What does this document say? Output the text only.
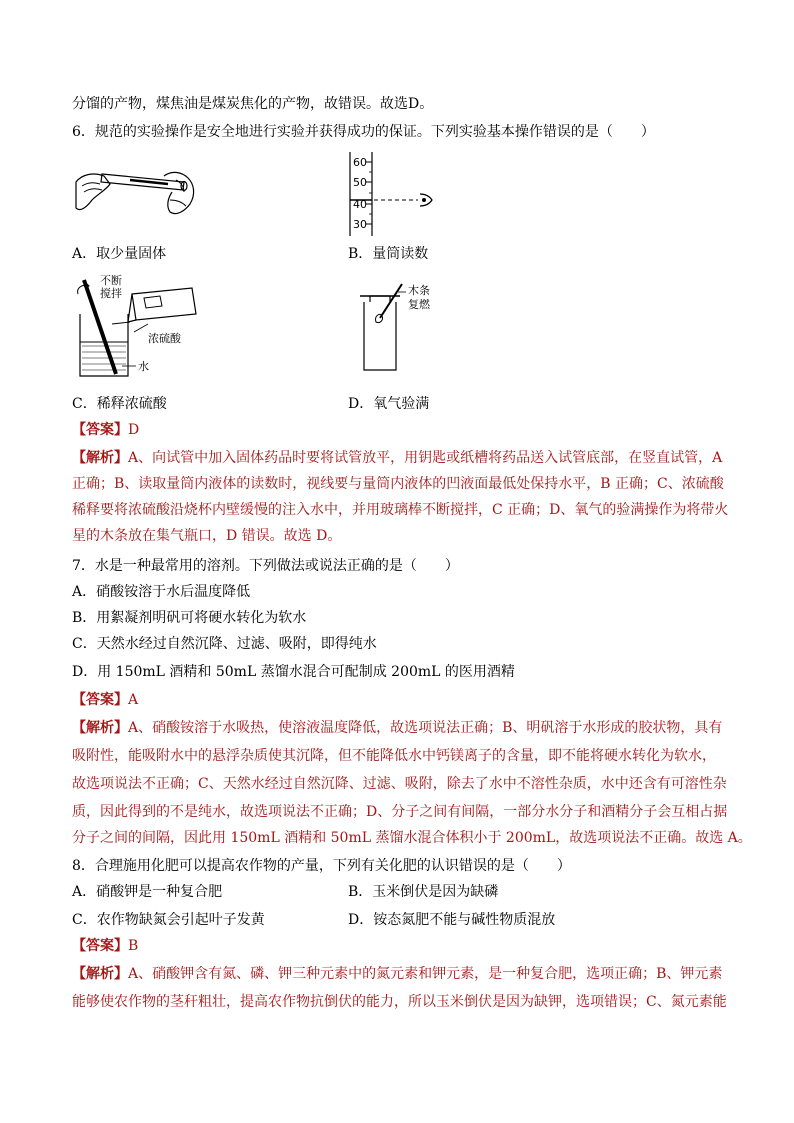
分馏的产物，煤焦油是煤炭焦化的产物，故错误。故选D。
6．规范的实验操作是安全地进行实验并获得成功的保证。下列实验基本操作错误的是（　　）
A．取少量固体
60
50
40
30
B．量筒读数
不断
搅拌
浓硫酸
水
C．稀释浓硫酸
木条
复燃
D．氧气验满
【答案】D
【解析】A、向试管中加入固体药品时要将试管放平，用钥匙或纸槽将药品送入试管底部，在竖直试管，A
正确；B、读取量筒内液体的读数时，视线要与量筒内液体的凹液面最低处保持水平，B 正确；C、浓硫酸
稀释要将浓硫酸沿烧杯内壁缓慢的注入水中，并用玻璃棒不断搅拌，C 正确；D、氧气的验满操作为将带火
星的木条放在集气瓶口，D 错误。故选 D。
7．水是一种最常用的溶剂。下列做法或说法正确的是（　　）
A．硝酸铵溶于水后温度降低
B．用絮凝剂明矾可将硬水转化为软水
C．天然水经过自然沉降、过滤、吸附，即得纯水
D．用 150mL 酒精和 50mL 蒸馏水混合可配制成 200mL 的医用酒精
【答案】A
【解析】A、硝酸铵溶于水吸热，使溶液温度降低，故选项说法正确；B、明矾溶于水形成的胶状物，具有
吸附性，能吸附水中的悬浮杂质使其沉降，但不能降低水中钙镁离子的含量，即不能将硬水转化为软水，
故选项说法不正确；C、天然水经过自然沉降、过滤、吸附，除去了水中不溶性杂质，水中还含有可溶性杂
质，因此得到的不是纯水，故选项说法不正确；D、分子之间有间隔，一部分水分子和酒精分子会互相占据
分子之间的间隔，因此用 150mL 酒精和 50mL 蒸馏水混合体积小于 200mL，故选项说法不正确。故选 A。
8．合理施用化肥可以提高农作物的产量，下列有关化肥的认识错误的是（　　）
A．硝酸钾是一种复合肥	B．玉米倒伏是因为缺磷
C．农作物缺氮会引起叶子发黄	D．铵态氮肥不能与碱性物质混放
【答案】B
【解析】A、硝酸钾含有氮、磷、钾三种元素中的氮元素和钾元素，是一种复合肥，选项正确；B、钾元素
能够使农作物的茎秆粗壮，提高农作物抗倒伏的能力，所以玉米倒伏是因为缺钾，选项错误；C、氮元素能
